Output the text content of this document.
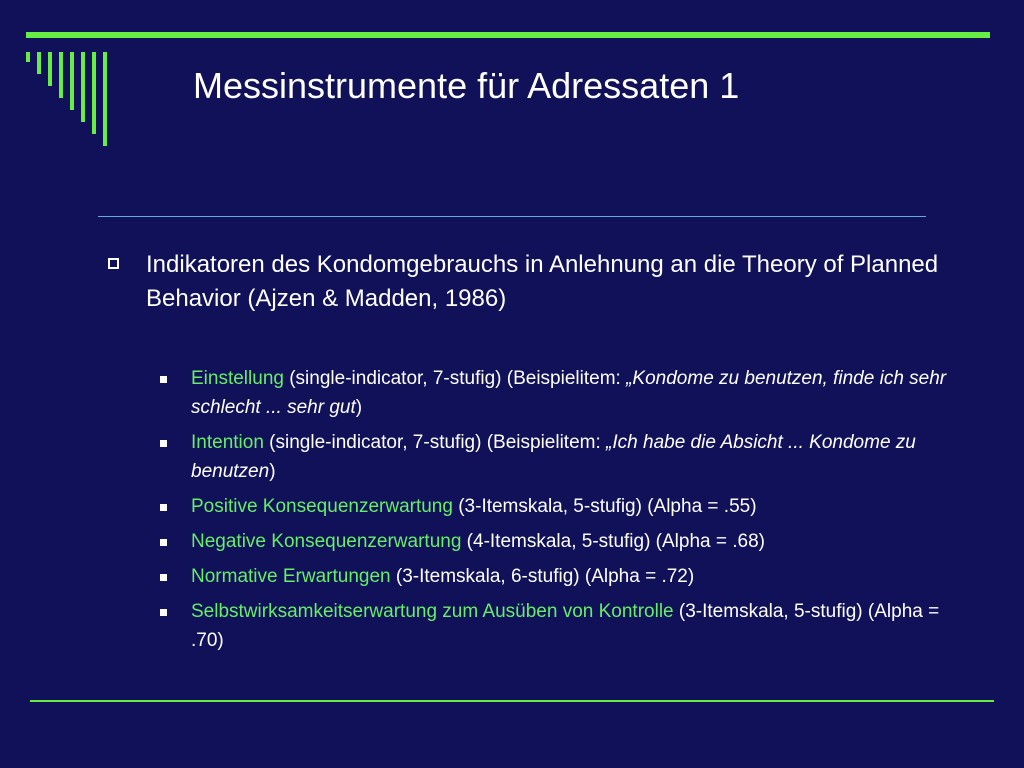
Messinstrumente für Adressaten 1
Indikatoren des Kondomgebrauchs in Anlehnung an die Theory of Planned Behavior (Ajzen & Madden, 1986)
Einstellung (single-indicator, 7-stufig) (Beispielitem: „Kondome zu benutzen, finde ich sehr schlecht ... sehr gut)
Intention (single-indicator, 7-stufig) (Beispielitem: „Ich habe die Absicht ... Kondome zu benutzen)
Positive Konsequenzerwartung (3-Itemskala, 5-stufig) (Alpha = .55)
Negative Konsequenzerwartung (4-Itemskala, 5-stufig) (Alpha = .68)
Normative Erwartungen (3-Itemskala, 6-stufig) (Alpha = .72)
Selbstwirksamkeitserwartung zum Ausüben von Kontrolle (3-Itemskala, 5-stufig) (Alpha = .70)
